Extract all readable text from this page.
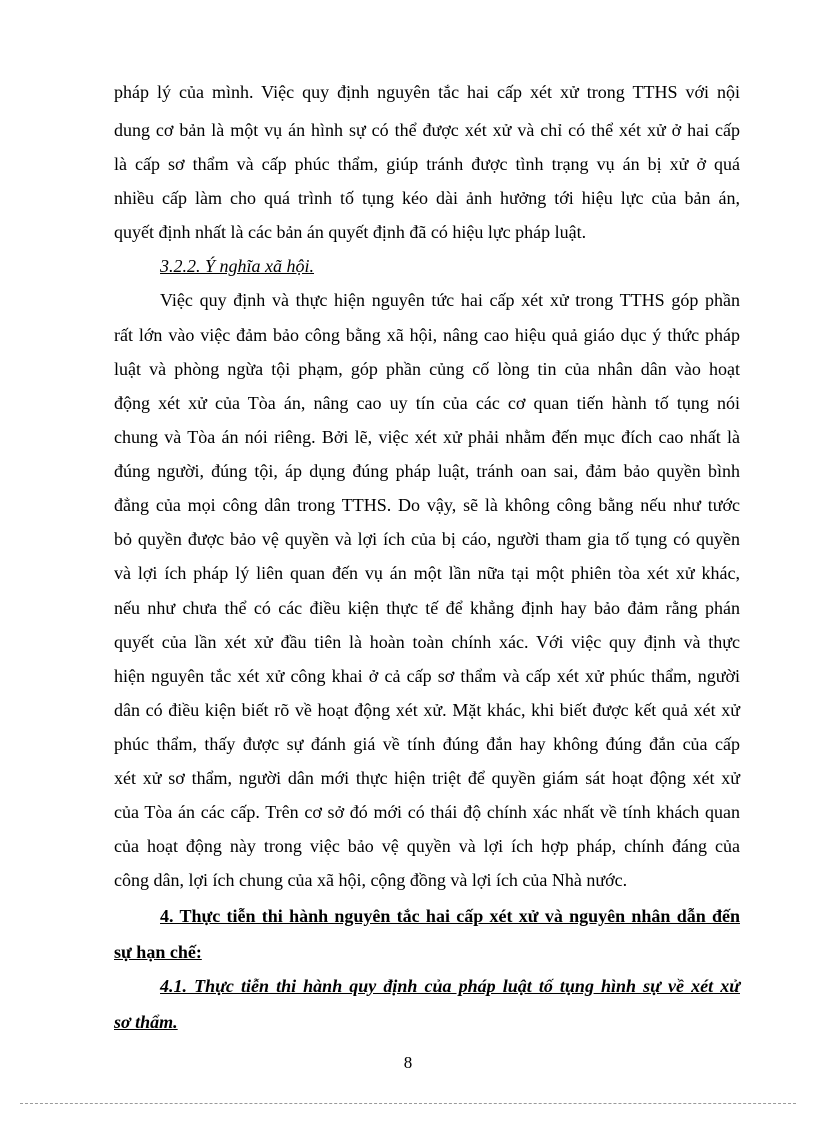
pháp lý của mình. Việc quy định nguyên tắc hai cấp xét xử trong TTHS với nội
dung cơ bản là một vụ án hình sự có thể được xét xử và chỉ có thể xét xử ở hai cấp
là cấp sơ thẩm và cấp phúc thẩm, giúp tránh được tình trạng vụ án bị xử ở quá
nhiều cấp làm cho quá trình tố tụng kéo dài ảnh hưởng tới hiệu lực của bản án,
quyết định nhất là các bản án quyết định đã có hiệu lực pháp luật.
3.2.2. Ý nghĩa xã hội.
Việc quy định và thực hiện nguyên tức hai cấp xét xử trong TTHS góp phần
rất lớn vào việc đảm bảo công bằng xã hội, nâng cao hiệu quả giáo dục ý thức pháp
luật và phòng ngừa tội phạm, góp phần củng cố lòng tin của nhân dân vào hoạt
động xét xử của Tòa án, nâng cao uy tín của các cơ quan tiến hành tố tụng nói
chung và Tòa án nói riêng. Bởi lẽ, việc xét xử phải nhằm đến mục đích cao nhất là
đúng người, đúng tội, áp dụng đúng pháp luật, tránh oan sai, đảm bảo quyền bình
đẳng của mọi công dân trong TTHS. Do vậy, sẽ là không công bằng nếu như tước
bỏ quyền được bảo vệ quyền và lợi ích của bị cáo, người tham gia tố tụng có quyền
và lợi ích pháp lý liên quan đến vụ án một lần nữa tại một phiên tòa xét xử khác,
nếu như chưa thể có các điều kiện thực tế để khẳng định hay bảo đảm rằng phán
quyết của lần xét xử đầu tiên là hoàn toàn chính xác. Với việc quy định và thực
hiện nguyên tắc xét xử công khai ở cả cấp sơ thẩm và cấp xét xử phúc thẩm, người
dân có điều kiện biết rõ về hoạt động xét xử. Mặt khác, khi biết được kết quả xét xử
phúc thẩm, thấy được sự đánh giá về tính đúng đắn hay không đúng đắn của cấp
xét xử sơ thẩm, người dân mới thực hiện triệt để quyền giám sát hoạt động xét xử
của Tòa án các cấp. Trên cơ sở đó mới có thái độ chính xác nhất về tính khách quan
của hoạt động này trong việc bảo vệ quyền và lợi ích hợp pháp, chính đáng của
công dân, lợi ích chung của xã hội, cộng đồng và lợi ích của Nhà nước.
4. Thực tiễn thi hành nguyên tắc hai cấp xét xử và nguyên nhân dẫn đến
sự hạn chế:
4.1. Thực tiễn thi hành quy định của pháp luật tố tụng hình sự về xét xử
sơ thẩm.
8
